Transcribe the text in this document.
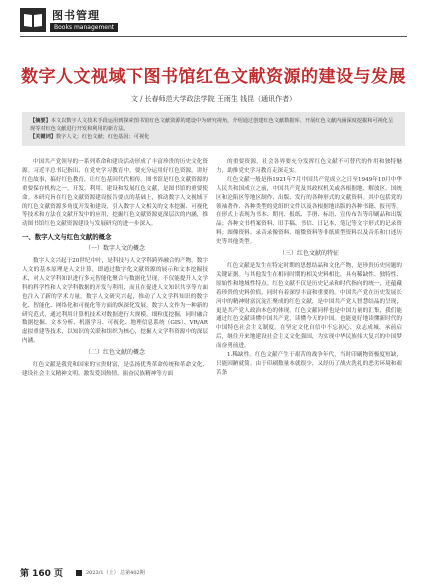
图书管理
Books management
数字人文视域下图书馆红色文献资源的建设与发展
文 / 长春师范大学政法学院 王雨生 钱昆（通讯作者）
【摘要】本文以数字人文技术手段运用到探索图书馆红色文献资源的建设中为研究视角，介绍通过创建红色文献数据库、开展红色文献内涵深度挖掘和可视化呈现等对红色文献进行开发和利用的新方法。
【关键词】数字人文；红色文献；红色基因；可视化

中国共产党领导的一系列革命和建设活动形成了丰富珍贵的历史文化资源。习近平总书记指出，在党史学习教育中，要充分运用好红色资源，讲好红色故事，搞好红色教育，让红色基因代代相传。图书馆是红色文献资源的重要保存机构之一，开发、利用、建设和发展红色文献，是图书馆的重要使命。本研究旨在红色文献资源建设报告要点的基础上，推动数字人文视域下的红色文献资源多角度开发和建设，引入数字人文相关的文本挖掘、可视化等技术和方法在文献开发中的应用，挖掘红色文献资源更深层次的内涵，推动图书馆红色文献资源建设与发展研究的进一步深入。

一、数字人文与红色文献的概念
（一）数字人文的概念

数字人文兴起于20世纪中叶，是科技与人文学科跨界融合的产物。数字人文的基本原理是人文计算，即通过数字化文献资源的展示和文本挖掘技术，对人文学科知识进行多元智能化聚合与数据化呈现，不仅能提升人文学科的科学性和人文学科数据的开发与利用，而且在促进人文知识共享等方面也注入了新的学术力量。数字人文研究兴起，推动了人文学科知识的数字化、智能化、网络化和可视化等方面的纵深化发展。数字人文作为一种新的研究范式，通过利用计算机技术对数据进行大规模、细粒度挖掘，同时融合数据挖掘、文本分析、机器学习、可视化、地理信息系统（GIS）、VR/AR虚拟重建等技术，以知识的关联和组织为核心，挖掘人文学科资源中的深层内涵。

（二）红色文献的概念

红色文献是我党和国家的宝贵财富，是弘扬优秀革命传统和革命文化、建设社会主义精神文明、激发爱国热情、振奋民族精神等方面

的重要资源，社会各界要充分发挥红色文献不可替代的作用和独特魅力，助推党史学习教育走深走实。

红色文献一般是指1921年7月中国共产党成立之日至1949年10月中华人民共和国成立之前，中国共产党及其政权机关或各根据地、解放区、国统区和沦陷区等地区制作、出版、发行的各种形式的文献资料。其中包括党的领袖著作、各种类型的党组织文件以及各根据地出版的各种书籍、报刊等。在形式上表现为书本、期刊、报纸、手册、标语、宣传布告等印刷品和出版品；各种文书档案资料、旧手稿、书信、日记本、笔记等文字形式的记录资料；图像资料、录音录像资料、缩微资料等非纸质型资料以及音乐和口述历史等其他类型。

（三）红色文献的特征

红色文献是发生在特定时期的思想结晶和文化产物，是珍贵历史问题的关键证据。与其他发生在相同时期的相关史料相比，具有稀缺性、独特性、原始性和地域性特点。红色文献不仅是历史记录和时代指向的统一，还蕴藏着珍贵的史料价值，同时有着深厚丰富和重要的。中国共产党在历史发展长河中的精神财富沉淀汇聚成的红色文献，是中国共产党人智慧结晶的呈现，更是共产党人政治本色的体现。红色文献同样也是中国力量的汇集，我们能通过红色文献读懂中国共产党，读懂今天的中国。也能更好地读懂新时代的中国特色社会主义制度。在坚定文化自信中不忘初心、众志成城、承前启后，继往开来地建设社会主义文化强国，为实现中华民族伟大复兴的中国梦而奋勇前进。

1.稀缺性。红色文献产生于艰苦的战争年代，当时印刷物资极度短缺，只能因陋就简。由于印刷数量本就很少，又经历了战火洗礼的恶劣环境和艰苦条

第 160 页	2023/1（上） 总第402期
